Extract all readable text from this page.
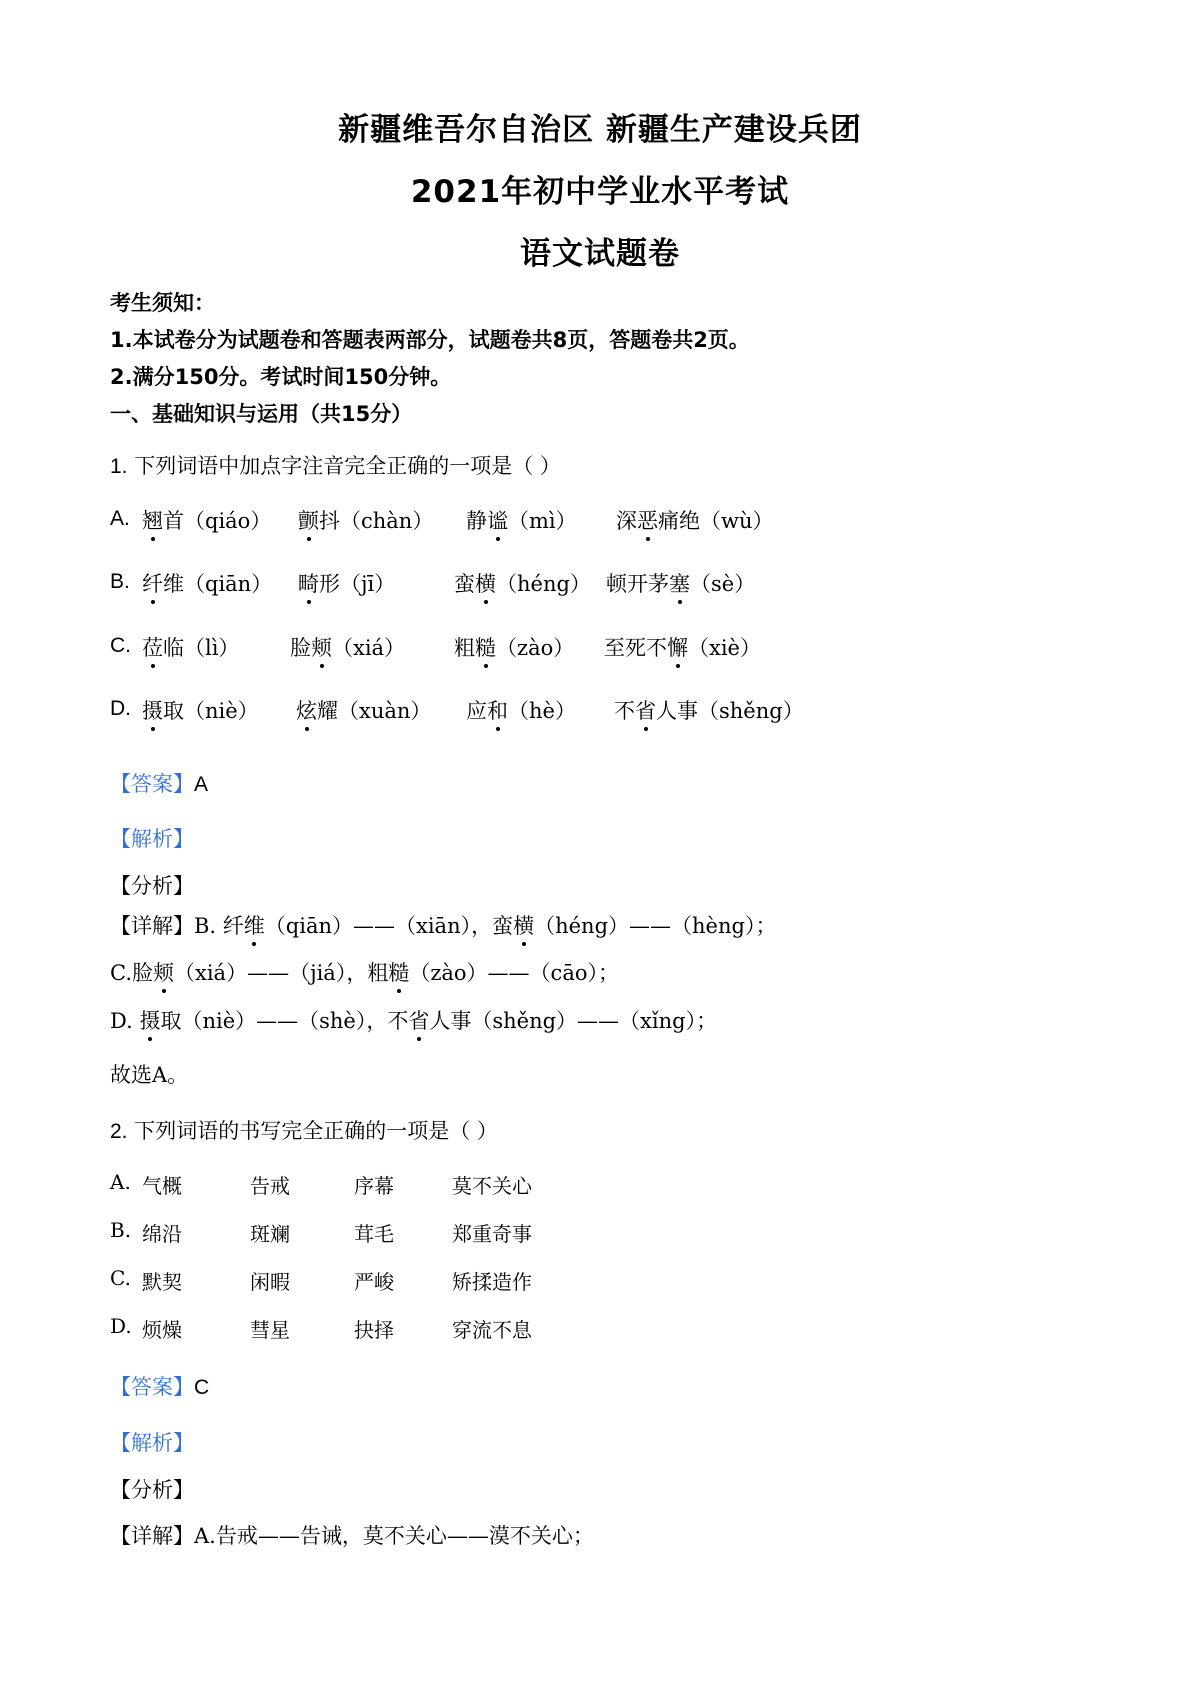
新疆维吾尔自治区 新疆生产建设兵团
2021年初中学业水平考试
语文试题卷
考生须知：
1.本试卷分为试题卷和答题表两部分，试题卷共8页，答题卷共2页。
2.满分150分。考试时间150分钟。
一、基础知识与运用（共15分）
1. 下列词语中加点字注音完全正确的一项是（ ）
A. 翘首（qiáo） 颤抖（chàn） 静谧（mì） 深恶痛绝（wù）
B. 纤维（qiān） 畸形（jī）	蛮横（héng） 顿开茅塞（sè）
C. 莅临（lì） 脸颊（xiá） 粗糙（zào） 至死不懈（xiè）
D. 摄取（niè） 炫耀（xuàn） 应和（hè） 不省人事（shěng）
【答案】A
【解析】
【分析】
【详解】B. 纤维（qiān）——（xiān），蛮横（héng）——（hèng）；
C.脸颊（xiá）——（jiá），粗糙（zào）——（cāo）；
D. 摄取（niè）——（shè），不省人事（shěng）——（xǐng）；
故选A。
2. 下列词语的书写完全正确的一项是（ ）
A. 气概	告戒	序幕	莫不关心
B. 绵沿	斑斓	茸毛	郑重奇事
C. 默契	闲暇	严峻	矫揉造作
D. 烦燥	彗星	抉择	穿流不息
【答案】C
【解析】
【分析】
【详解】A.告戒——告诫，莫不关心——漠不关心；
